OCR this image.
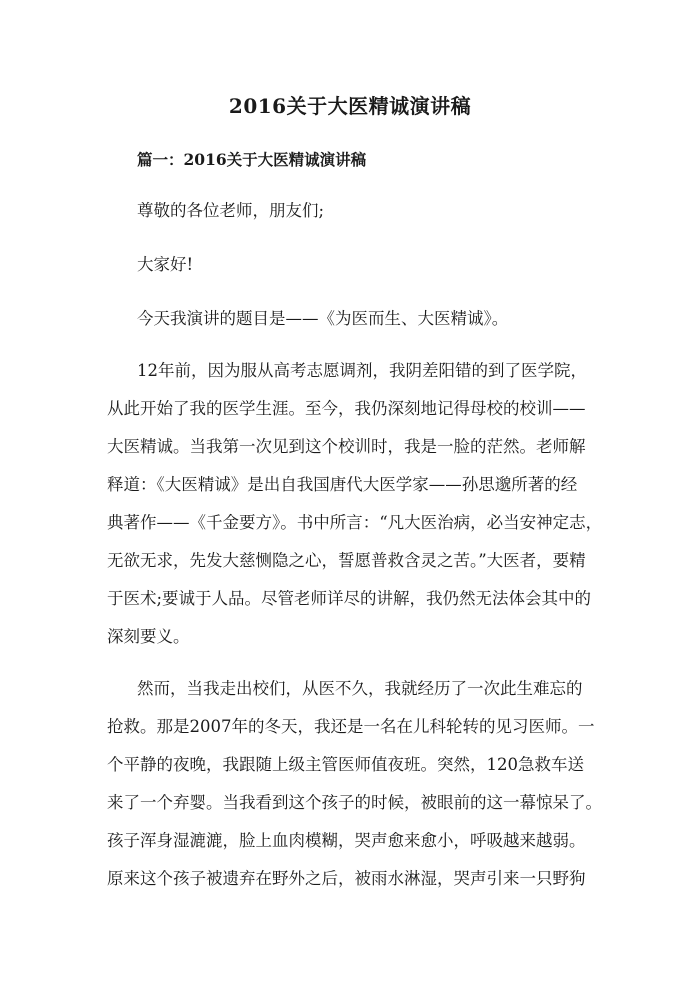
2016关于大医精诚演讲稿
篇一：2016关于大医精诚演讲稿
尊敬的各位老师，朋友们;
大家好!
今天我演讲的题目是——《为医而生、大医精诚》。
12年前，因为服从高考志愿调剂，我阴差阳错的到了医学院，
从此开始了我的医学生涯。至今，我仍深刻地记得母校的校训——
大医精诚。当我第一次见到这个校训时，我是一脸的茫然。老师解
释道：《大医精诚》是出自我国唐代大医学家——孙思邈所著的经
典著作——《千金要方》。书中所言：“凡大医治病，必当安神定志，
无欲无求，先发大慈恻隐之心，誓愿普救含灵之苦。”大医者，要精
于医术;要诚于人品。尽管老师详尽的讲解，我仍然无法体会其中的
深刻要义。
然而，当我走出校们，从医不久，我就经历了一次此生难忘的
抢救。那是2007年的冬天，我还是一名在儿科轮转的见习医师。一
个平静的夜晚，我跟随上级主管医师值夜班。突然，120急救车送
来了一个弃婴。当我看到这个孩子的时候，被眼前的这一幕惊呆了。
孩子浑身湿漉漉，脸上血肉模糊，哭声愈来愈小，呼吸越来越弱。
原来这个孩子被遗弃在野外之后，被雨水淋湿，哭声引来一只野狗
